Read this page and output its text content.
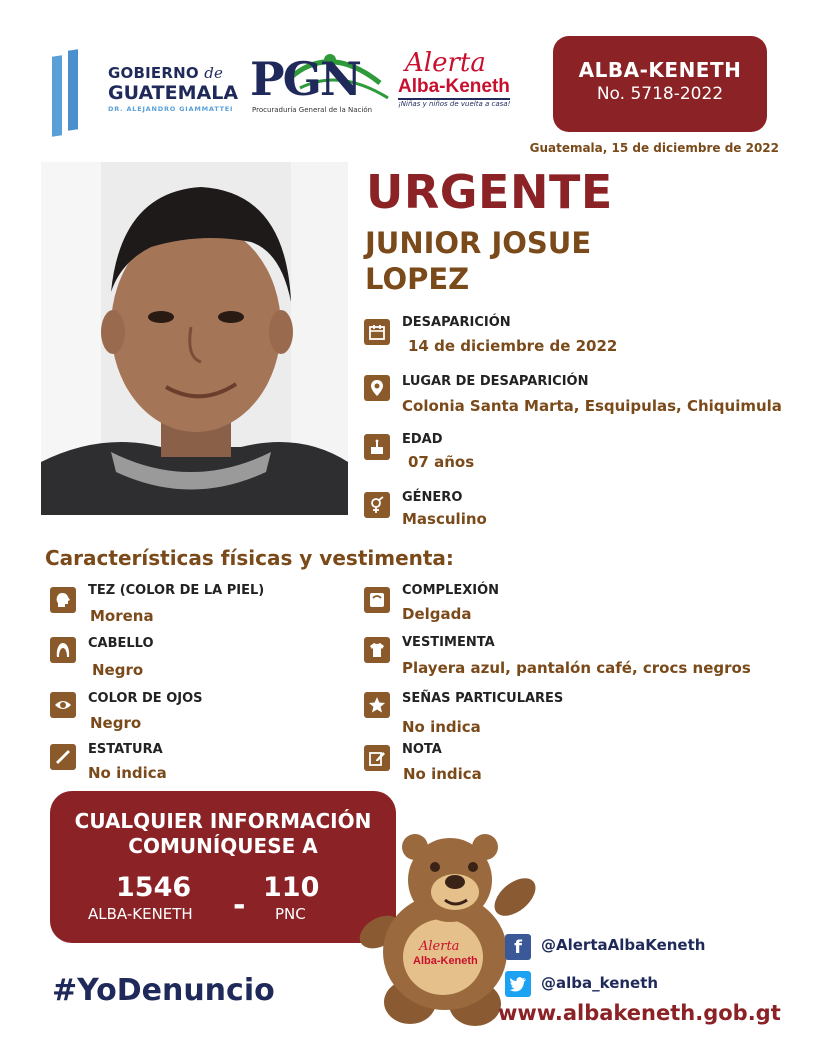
GOBIERNO de
GUATEMALA
DR. ALEJANDRO GIAMMATTEI
PGN
Procuraduría General de la Nación
Alerta
Alba-Keneth
¡Niñas y niños de vuelta a casa!
ALBA-KENETH
No. 5718-2022
Guatemala, 15 de diciembre de 2022
URGENTE
JUNIOR JOSUE
LOPEZ
DESAPARICIÓN
14 de diciembre de 2022
LUGAR DE DESAPARICIÓN
Colonia Santa Marta, Esquipulas, Chiquimula
EDAD
07 años
GÉNERO
Masculino
Características físicas y vestimenta:
TEZ (COLOR DE LA PIEL)
Morena
CABELLO
Negro
COLOR DE OJOS
Negro
ESTATURA
No indica
COMPLEXIÓN
Delgada
VESTIMENTA
Playera azul, pantalón café, crocs negros
SEÑAS PARTICULARES
No indica
NOTA
No indica
CUALQUIER INFORMACIÓN
COMUNÍQUESE A
1546
ALBA-KENETH -
110
PNC
#YoDenuncio
Alerta
Alba-Keneth
f	@AlertaAlbaKeneth
@alba_keneth
www.albakeneth.gob.gt
